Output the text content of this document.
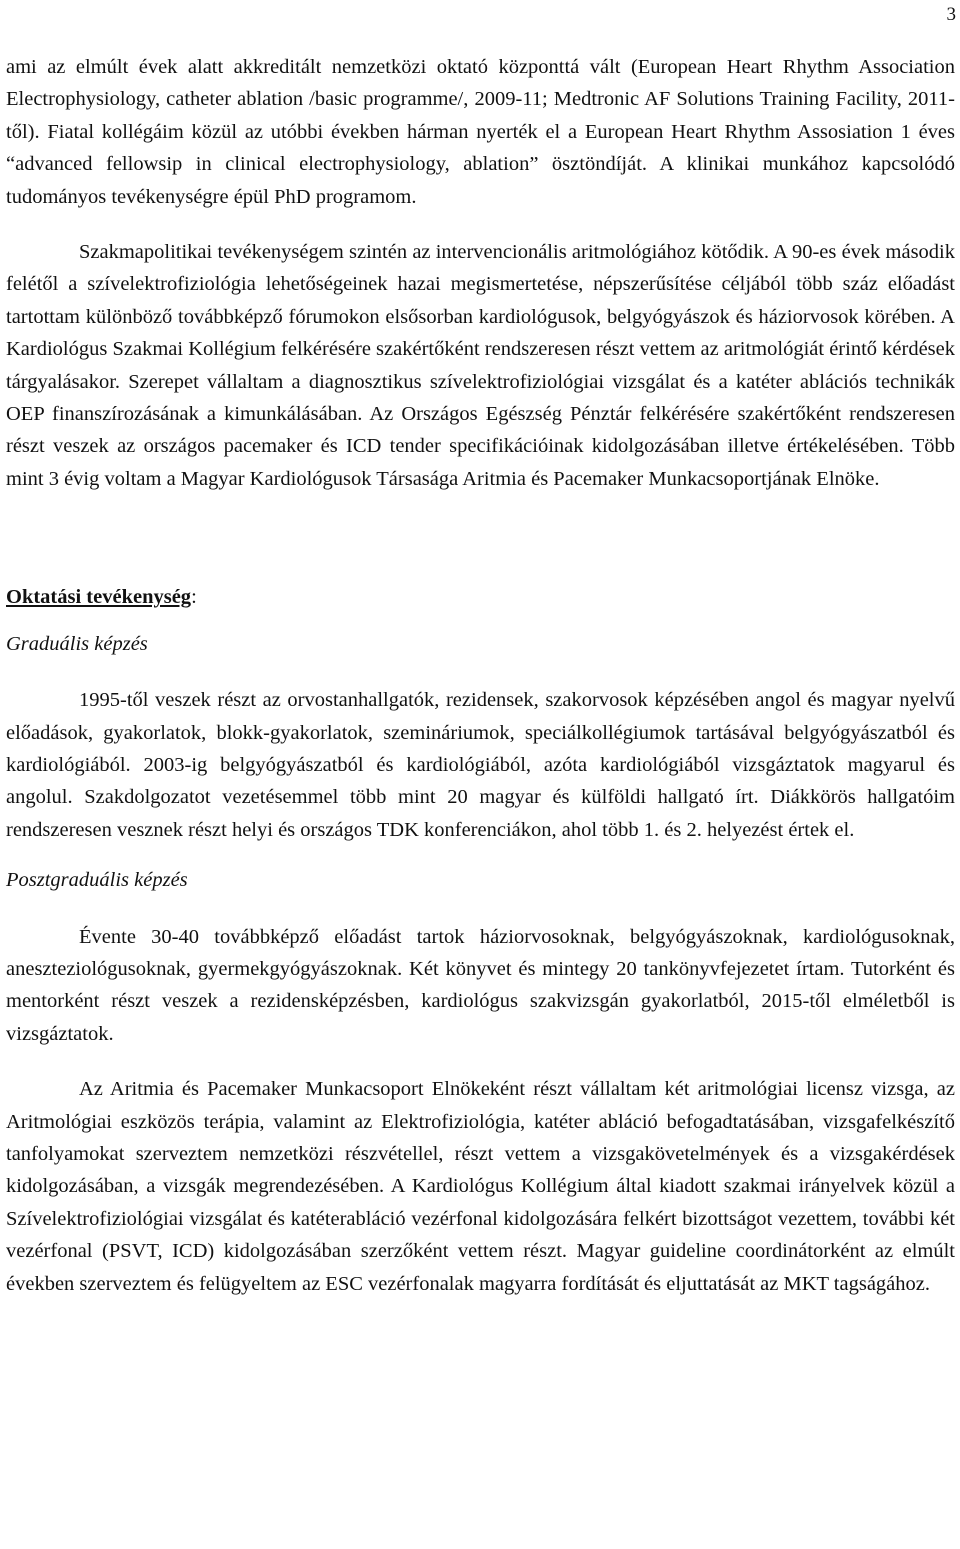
3

ami az elmúlt évek alatt akkreditált nemzetközi oktató központtá vált (European Heart Rhythm Association Electrophysiology, catheter ablation /basic programme/, 2009-11; Medtronic AF Solutions Training Facility, 2011-től). Fiatal kollégáim közül az utóbbi években hárman nyerték el a European Heart Rhythm Assosiation 1 éves “advanced fellowsip in clinical electrophysiology, ablation” ösztöndíját. A klinikai munkához kapcsolódó tudományos tevékenységre épül PhD programom.

Szakmapolitikai tevékenységem szintén az intervencionális aritmológiához kötődik. A 90-es évek második felétől a szívelektrofiziológia lehetőségeinek hazai megismertetése, népszerűsítése céljából több száz előadást tartottam különböző továbbképző fórumokon elsősorban kardiológusok, belgyógyászok és háziorvosok körében. A Kardiológus Szakmai Kollégium felkérésére szakértőként rendszeresen részt vettem az aritmológiát érintő kérdések tárgyalásakor. Szerepet vállaltam a diagnosztikus szívelektrofiziológiai vizsgálat és a katéter ablációs technikák OEP finanszírozásának a kimunkálásában. Az Országos Egészség Pénztár felkérésére szakértőként rendszeresen részt veszek az országos pacemaker és ICD tender specifikációinak kidolgozásában illetve értékelésében. Több mint 3 évig voltam a Magyar Kardiológusok Társasága Aritmia és Pacemaker Munkacsoportjának Elnöke.

Oktatási tevékenység:

Graduális képzés

1995-től veszek részt az orvostanhallgatók, rezidensek, szakorvosok képzésében angol és magyar nyelvű előadások, gyakorlatok, blokk-gyakorlatok, szemináriumok, speciálkollégiumok tartásával belgyógyászatból és kardiológiából. 2003-ig belgyógyászatból és kardiológiából, azóta kardiológiából vizsgáztatok magyarul és angolul. Szakdolgozatot vezetésemmel több mint 20 magyar és külföldi hallgató írt. Diákkörös hallgatóim rendszeresen vesznek részt helyi és országos TDK konferenciákon, ahol több 1. és 2. helyezést értek el.

Posztgraduális képzés

Évente 30-40 továbbképző előadást tartok háziorvosoknak, belgyógyászoknak, kardiológusoknak, aneszteziológusoknak, gyermekgyógyászoknak. Két könyvet és mintegy 20 tankönyvfejezetet írtam. Tutorként és mentorként részt veszek a rezidensképzésben, kardiológus szakvizsgán gyakorlatból, 2015-től elméletből is vizsgáztatok.

Az Aritmia és Pacemaker Munkacsoport Elnökeként részt vállaltam két aritmológiai licensz vizsga, az Aritmológiai eszközös terápia, valamint az Elektrofiziológia, katéter abláció befogadtatásában, vizsgafelkészítő tanfolyamokat szerveztem nemzetközi részvétellel, részt vettem a vizsgakövetelmények és a vizsgakérdések kidolgozásában, a vizsgák megrendezésében. A Kardiológus Kollégium által kiadott szakmai irányelvek közül a Szívelektrofiziológiai vizsgálat és katéterabláció vezérfonal kidolgozására felkért bizottságot vezettem, további két vezérfonal (PSVT, ICD) kidolgozásában szerzőként vettem részt. Magyar guideline coordinátorként az elmúlt években szerveztem és felügyeltem az ESC vezérfonalak magyarra fordítását és eljuttatását az MKT tagságához.
